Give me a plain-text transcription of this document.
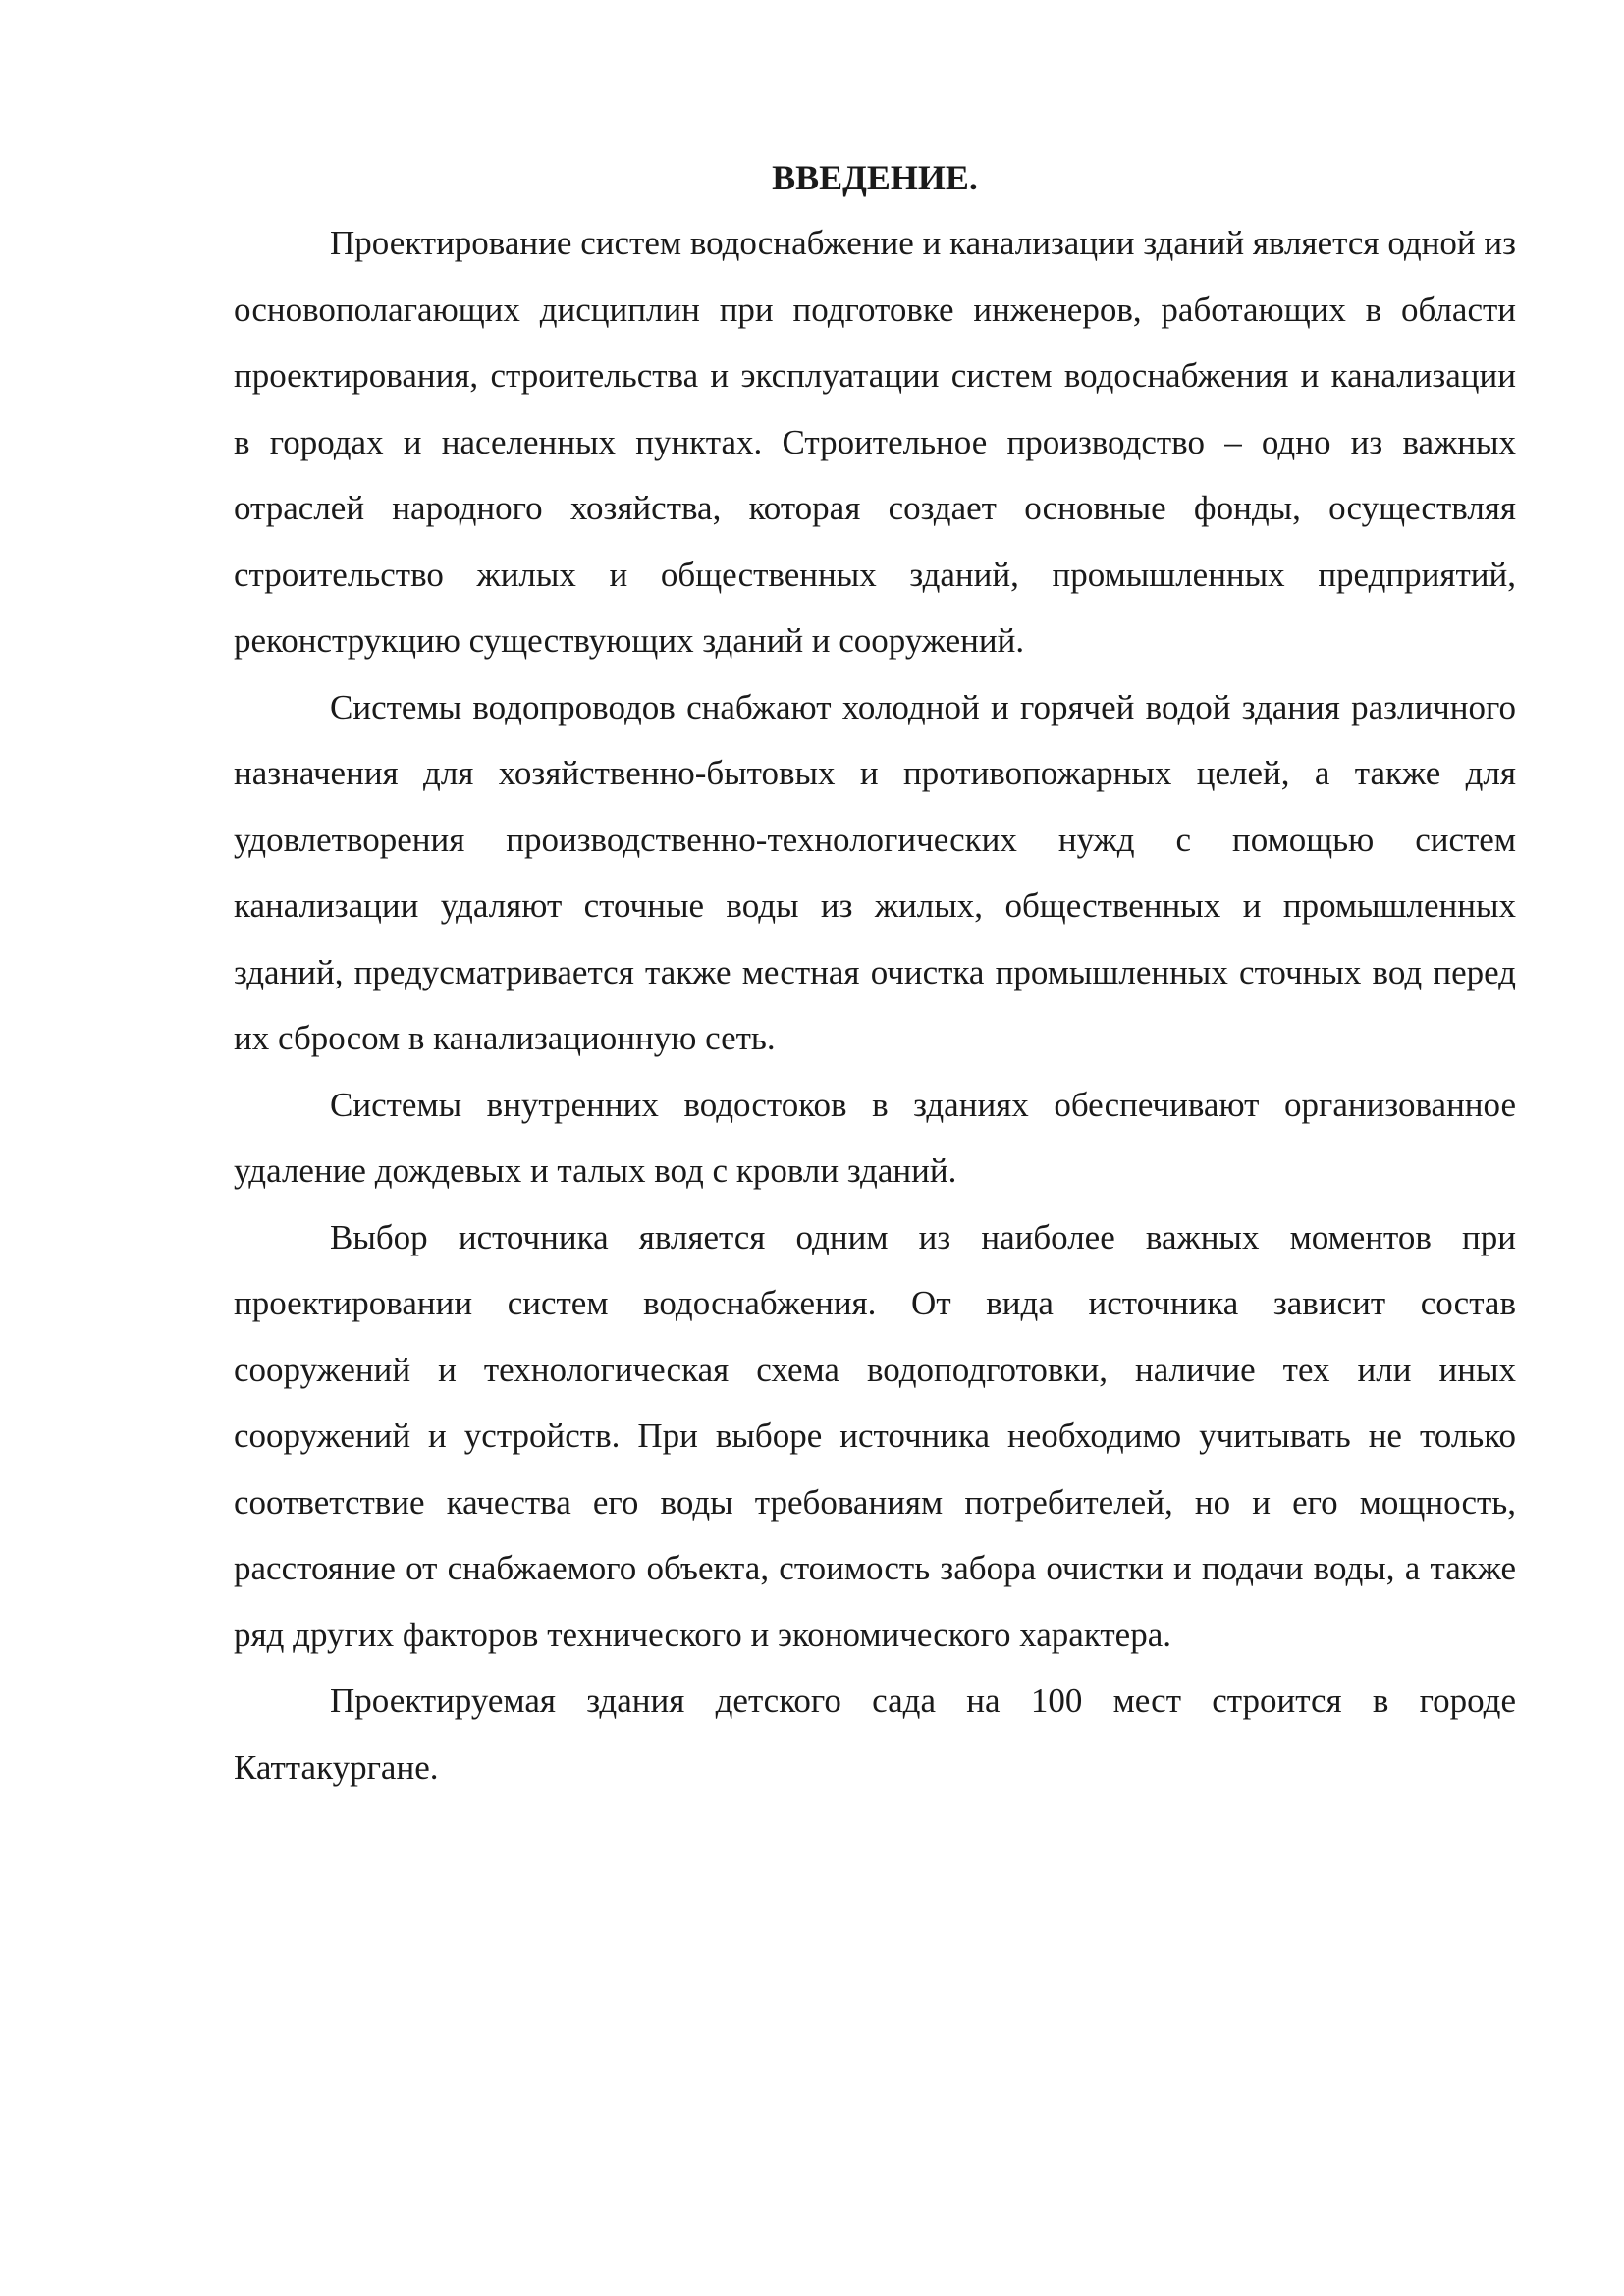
ВВЕДЕНИЕ.

Проектирование систем водоснабжение и канализации зданий является одной из основополагающих дисциплин при подготовке инженеров, работающих в области проектирования, строительства и эксплуатации систем водоснабжения и канализации в городах и населенных пунктах. Строительное производство – одно из важных отраслей народного хозяйства, которая создает основные фонды, осуществляя строительство жилых и общественных зданий, промышленных предприятий, реконструкцию существующих зданий и сооружений.

Системы водопроводов снабжают холодной и горячей водой здания различного назначения для хозяйственно-бытовых и противопожарных целей, а также для удовлетворения производственно-технологических нужд с помощью систем канализации удаляют сточные воды из жилых, общественных и промышленных зданий, предусматривается также местная очистка промышленных сточных вод перед их сбросом в канализационную сеть.

Системы внутренних водостоков в зданиях обеспечивают организованное удаление дождевых и талых вод с кровли зданий.

Выбор источника является одним из наиболее важных моментов при проектировании систем водоснабжения. От вида источника зависит состав сооружений и технологическая схема водоподготовки, наличие тех или иных сооружений и устройств. При выборе источника необходимо учитывать не только соответствие качества его воды требованиям потребителей, но и его мощность, расстояние от снабжаемого объекта, стоимость забора очистки и подачи воды, а также ряд других факторов технического и экономического характера.

Проектируемая здания детского сада на 100 мест строится в городе Каттакургане.
